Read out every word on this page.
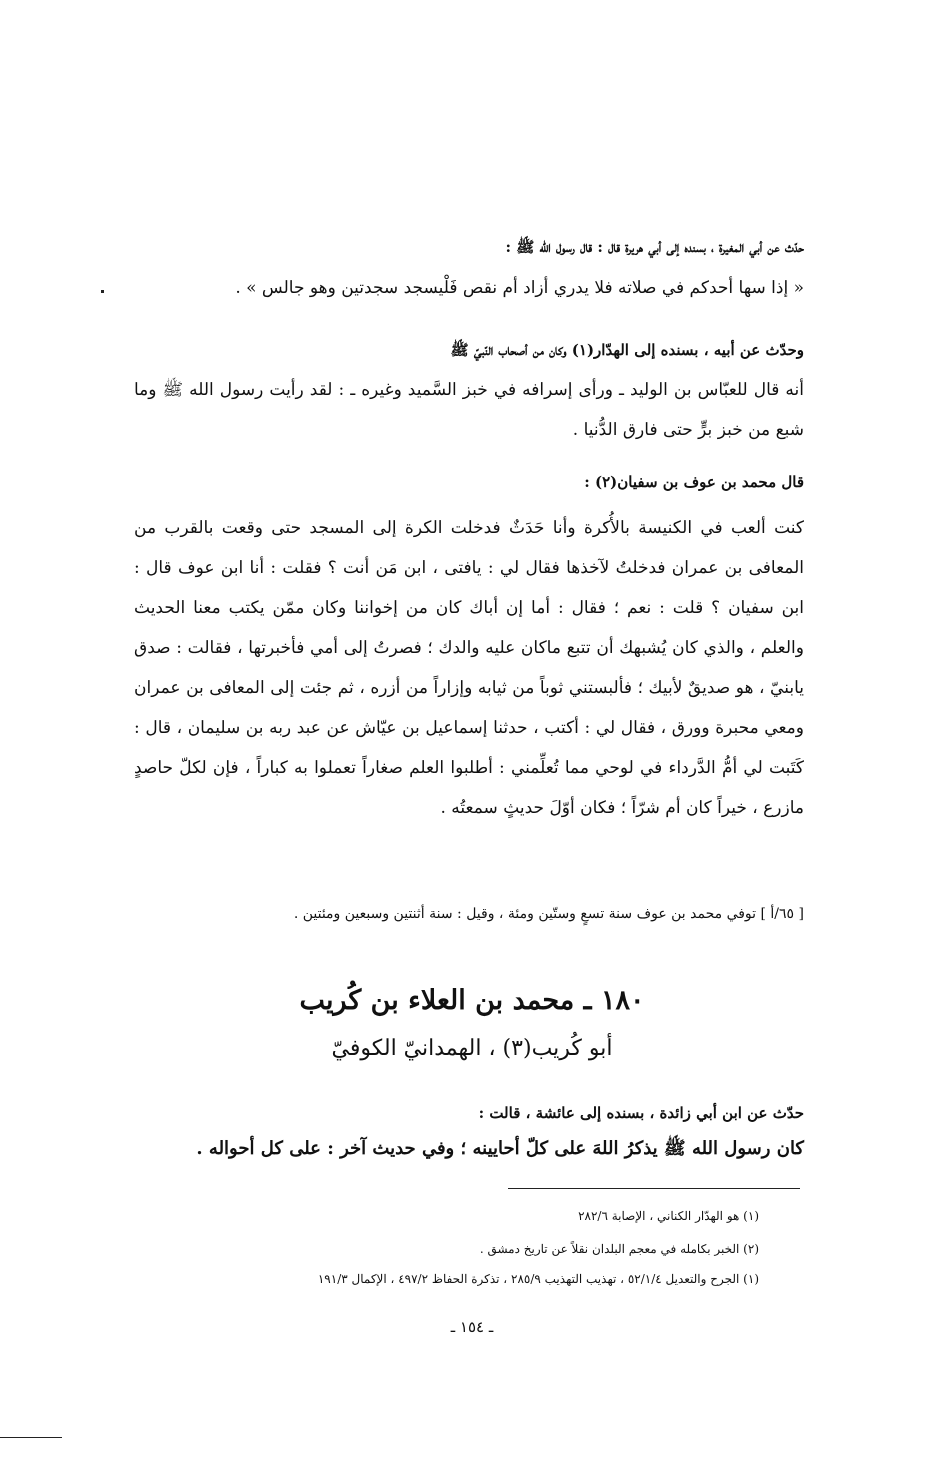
حدّث عن أبي المغيرة ، بسنده إلى أبي هريرة قال : قال رسول الله ﷺ :
« إذا سها أحدكم في صلاته فلا يدري أزاد أم نقص فَلْيسجد سجدتين وهو جالس » .
وحدّث عن أبيه ، بسنده إلى الهدّار(١) وكان من أصحاب النّبيّ ﷺ
أنه قال للعبّاس بن الوليد ـ ورأى إسرافه في خبز السَّميد وغيره ـ : لقد رأيت رسول الله ﷺ وما شبع من خبز برٍّ حتى فارق الدُّنيا .
قال محمد بن عوف بن سفيان(٢) :
كنت ألعب في الكنيسة بالأُكرة وأنا حَدَثٌ فدخلت الكرة إلى المسجد حتى وقعت بالقرب من المعافى بن عمران فدخلتُ لآخذها فقال لي : يافتى ، ابن مَن أنت ؟ فقلت : أنا ابن عوف قال : ابن سفيان ؟ قلت : نعم ؛ فقال : أما إن أباك كان من إخواننا وكان ممّن يكتب معنا الحديث والعلم ، والذي كان يُشبهك أن تتبع ماكان عليه والدك ؛ فصرتُ إلى أمي فأخبرتها ، فقالت : صدق يابنيّ ، هو صديقٌ لأبيك ؛ فألبستني ثوباً من ثيابه وإزاراً من أزره ، ثم جئت إلى المعافى بن عمران ومعي محبرة وورق ، فقال لي : أكتب ، حدثنا إسماعيل بن عيّاش عن عبد ربه بن سليمان ، قال : كَتَبت لي أمُّ الدَّرداء في لوحي مما تُعلِّمني : أطلبوا العلم صغاراً تعملوا به كباراً ، فإن لكلّ حاصدٍ مازرع ، خيراً كان أم شرّاً ؛ فكان أوّلَ حديثٍ سمعتُه .
[ ٦٥/أ ] توفي محمد بن عوف سنة تسعٍ وستّين ومئة ، وقيل : سنة أثنتين وسبعين ومئتين .
١٨٠ ـ محمد بن العلاء بن كُريب
أبو كُريب(٣) ، الهمدانيّ الكوفيّ
حدّث عن ابن أبي زائدة ، بسنده إلى عائشة ، قالت :
كان رسول الله ﷺ يذكرُ اللهَ على كلّ أحايينه ؛ وفي حديث آخر : على كل أحواله .
(١) هو الهدّار الكناني ، الإصابة ٢٨٢/٦
(٢) الخبر بكامله في معجم البلدان نقلاً عن تاريخ دمشق .
(١) الجرح والتعديل ٥٢/١/٤ ، تهذيب التهذيب ٢٨٥/٩ ، تذكرة الحفاظ ٤٩٧/٢ ، الإكمال ١٩١/٣
ـ ١٥٤ ـ
